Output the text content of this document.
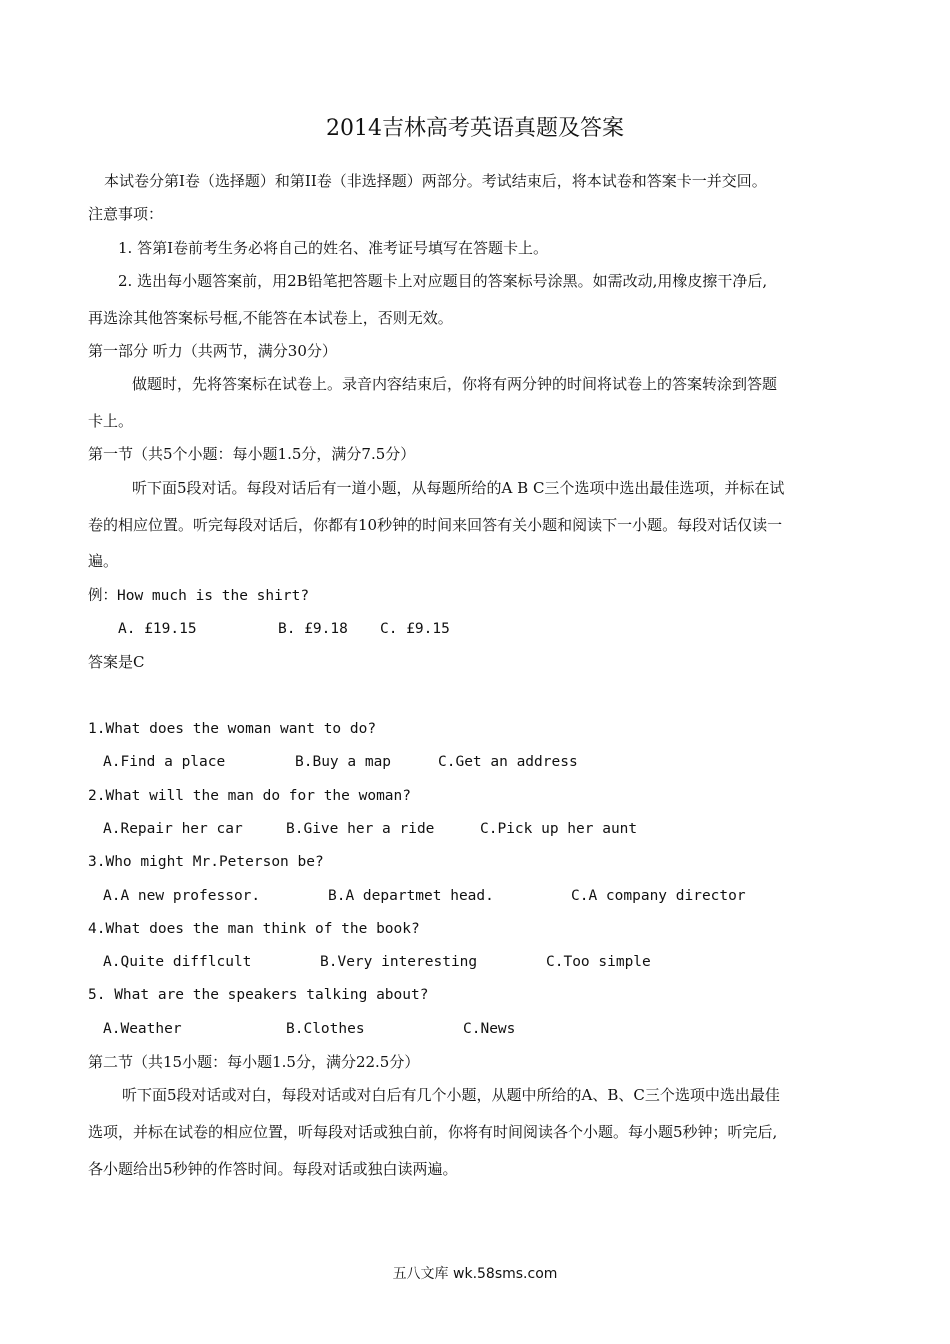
2014吉林高考英语真题及答案
本试卷分第I卷（选择题）和第II卷（非选择题）两部分。考试结束后，将本试卷和答案卡一并交回。
注意事项：
1. 答第I卷前考生务必将自己的姓名、准考证号填写在答题卡上。
2. 选出每小题答案前，用2B铅笔把答题卡上对应题目的答案标号涂黑。如需改动,用橡皮擦干净后,
再选涂其他答案标号框,不能答在本试卷上，否则无效。
第一部分 听力（共两节，满分30分）
做题时，先将答案标在试卷上。录音内容结束后，你将有两分钟的时间将试卷上的答案转涂到答题
卡上。
第一节（共5个小题：每小题1.5分，满分7.5分）
听下面5段对话。每段对话后有一道小题，从每题所给的A B C三个选项中选出最佳选项，并标在试
卷的相应位置。听完每段对话后，你都有10秒钟的时间来回答有关小题和阅读下一小题。每段对话仅读一
遍。
例：How much is the shirt?
A. £19.15	B. £9.18 C. £9.15
答案是C
1.What does the woman want to do?
A.Find a place	B.Buy a map	C.Get an address
2.What will the man do for the woman?
A.Repair her car	B.Give her a ride	C.Pick up her aunt
3.Who might Mr.Peterson be?
A.A new professor.	B.A departmet head.	C.A company director
4.What does the man think of the book?
A.Quite difflcult	B.Very interesting	C.Too simple
5. What are the speakers talking about?
A.Weather	B.Clothes	C.News
第二节（共15小题：每小题1.5分，满分22.5分）
听下面5段对话或对白，每段对话或对白后有几个小题，从题中所给的A、B、C三个选项中选出最佳
选项，并标在试卷的相应位置，听每段对话或独白前，你将有时间阅读各个小题。每小题5秒钟；听完后,
各小题给出5秒钟的作答时间。每段对话或独白读两遍。
五八文库 wk.58sms.com
